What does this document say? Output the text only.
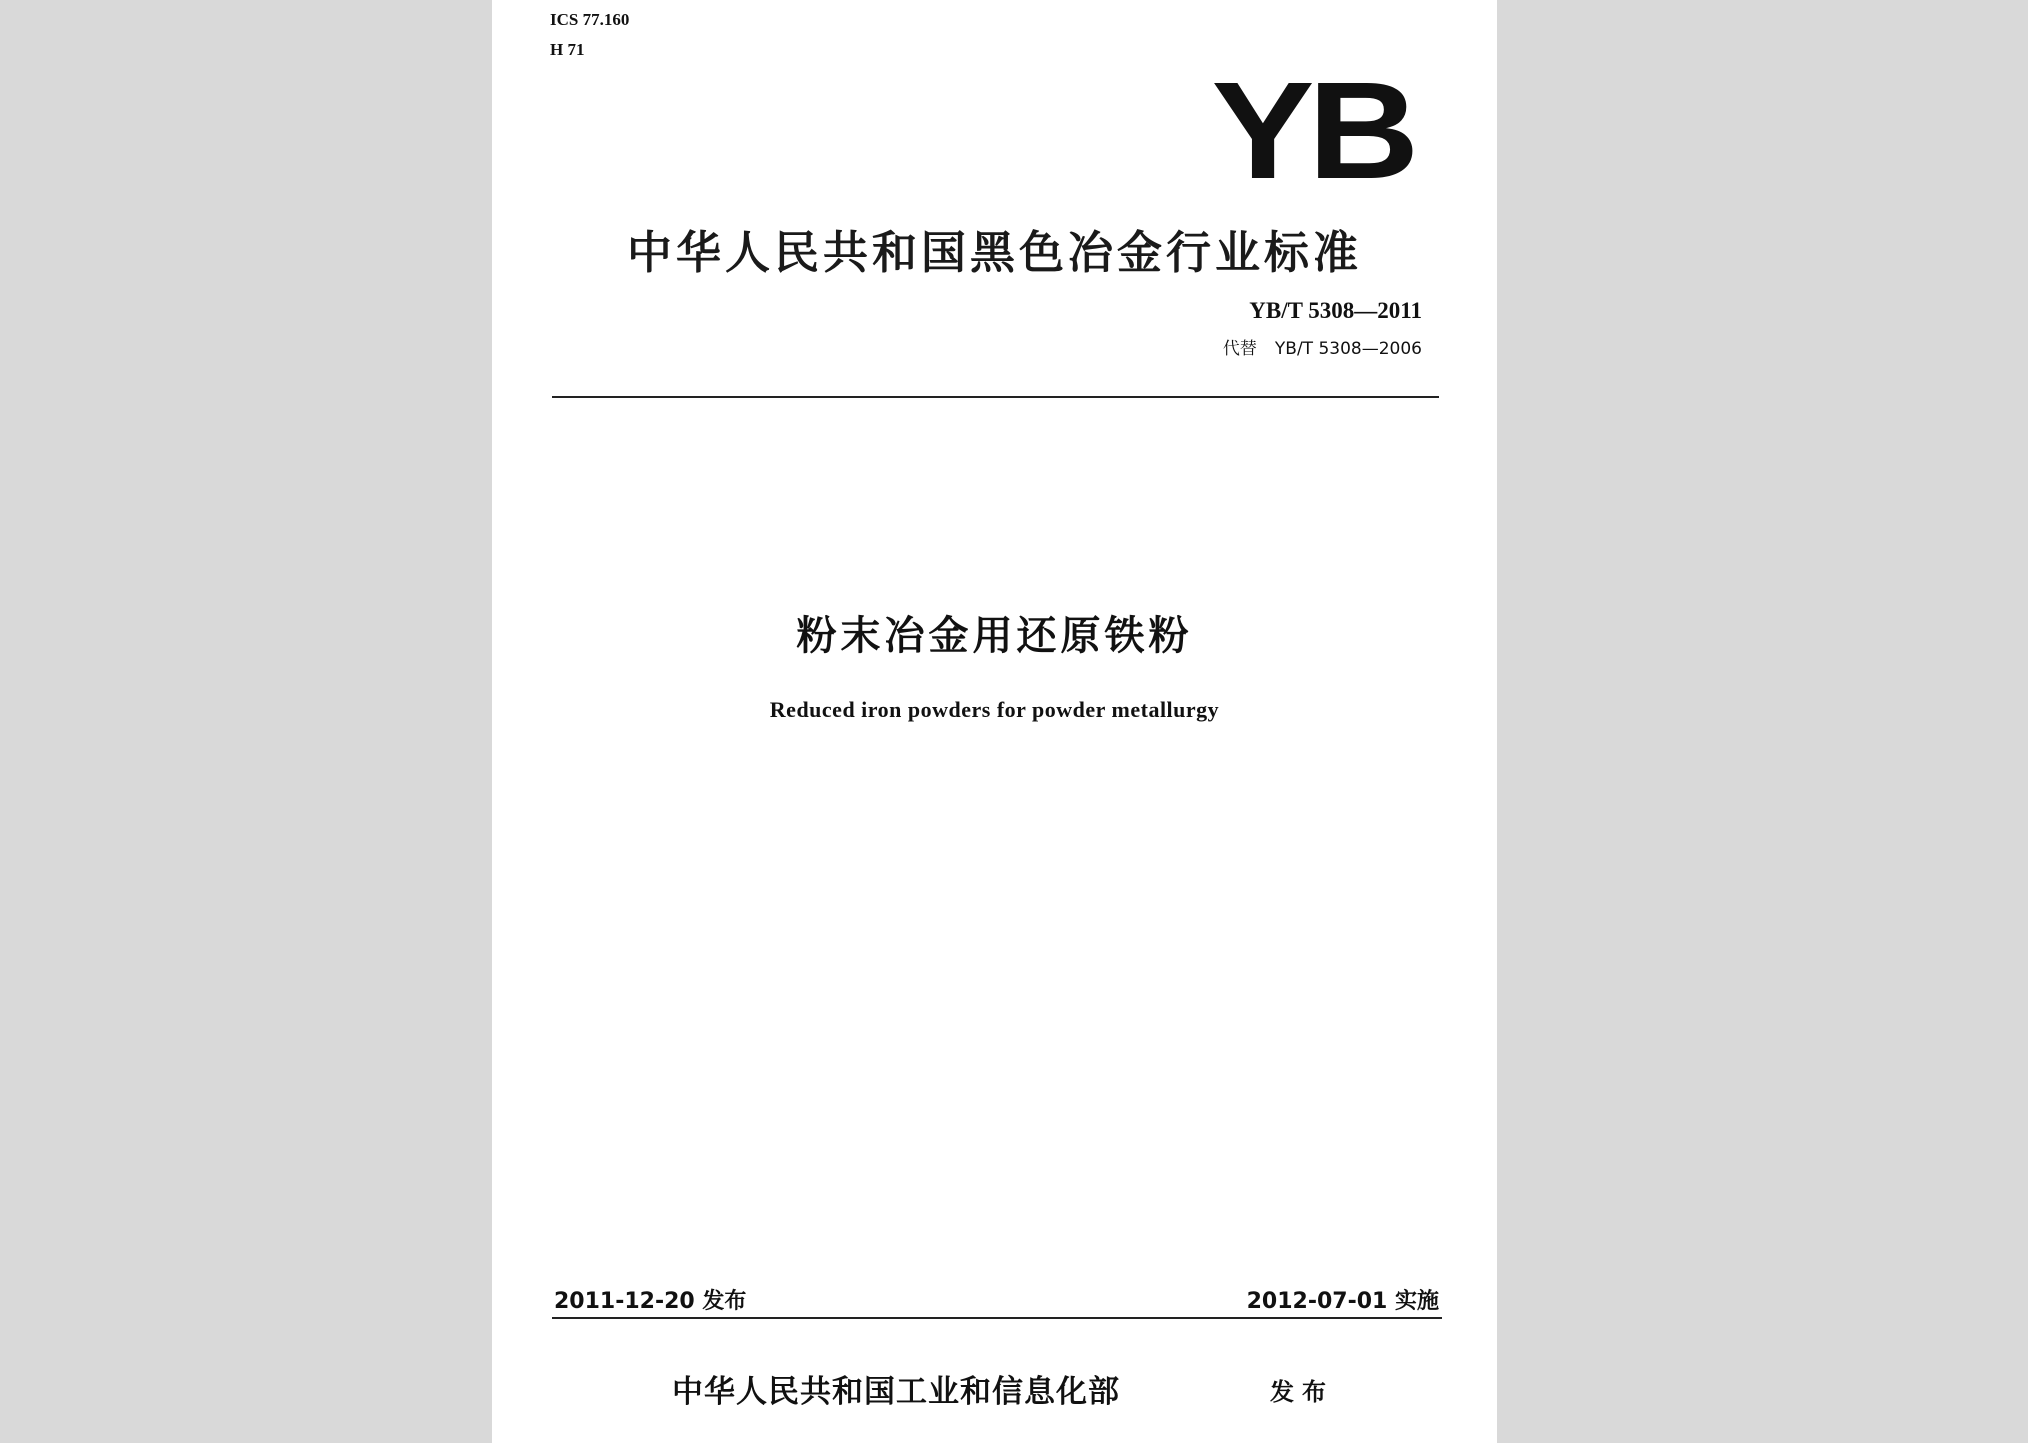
ICS 77.160
H 71
YB
中华人民共和国黑色冶金行业标准
YB/T 5308—2011
代替 YB/T 5308—2006
粉末冶金用还原铁粉
Reduced iron powders for powder metallurgy
2011-12-20 发布	2012-07-01 实施
中华人民共和国工业和信息化部	发布
